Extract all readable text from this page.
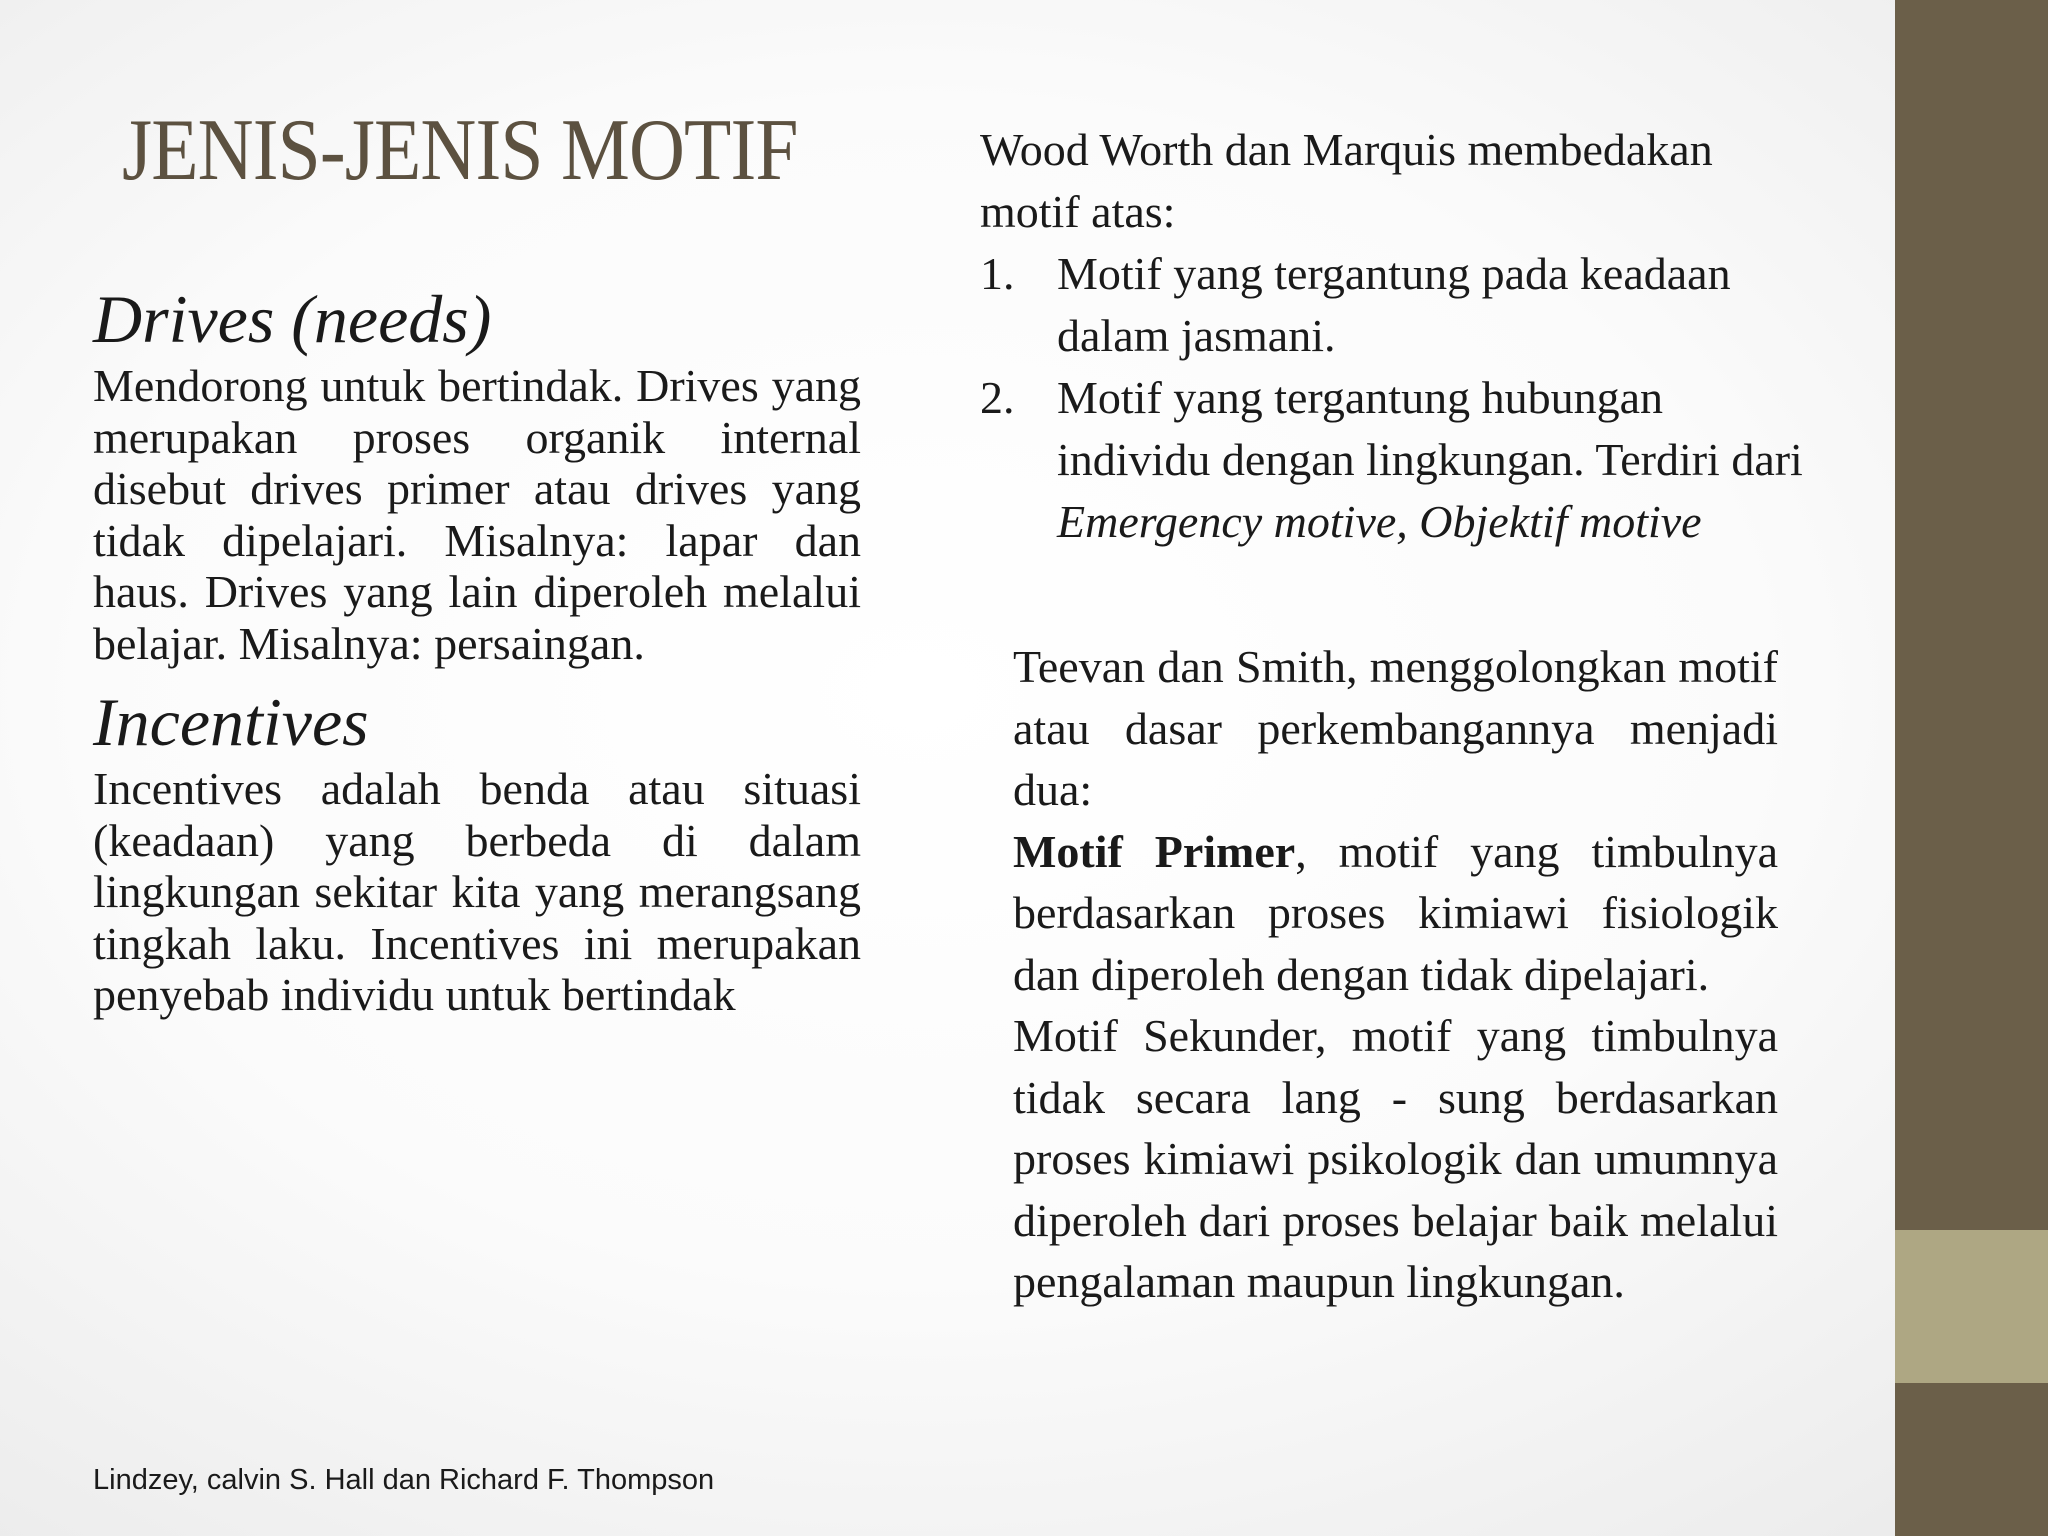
JENIS-JENIS MOTIF

Drives (needs)

Mendorong untuk bertindak. Drives yang merupakan proses organik internal disebut drives primer atau drives yang tidak dipelajari. Misalnya: lapar dan haus. Drives yang lain diperoleh melalui belajar. Misalnya: persaingan.

Incentives

Incentives adalah benda atau situasi (keadaan) yang berbeda di dalam lingkungan sekitar kita yang merangsang tingkah laku. Incentives ini merupakan penyebab individu untuk bertindak

Wood Worth dan Marquis membedakan

motif atas:

1. Motif yang tergantung pada keadaan
dalam jasmani.
2. Motif yang tergantung hubungan
individu dengan lingkungan. Terdiri dari
Emergency motive, Objektif motive

Teevan dan Smith, menggolongkan motif atau dasar perkembangannya menjadi dua:

Motif Primer, motif yang timbulnya berdasarkan proses kimiawi fisiologik dan diperoleh dengan tidak dipelajari.

Motif Sekunder, motif yang timbulnya tidak secara lang - sung berdasarkan proses kimiawi psikologik dan umumnya diperoleh dari proses belajar baik melalui pengalaman maupun lingkungan.

Lindzey, calvin S. Hall dan Richard F. Thompson
